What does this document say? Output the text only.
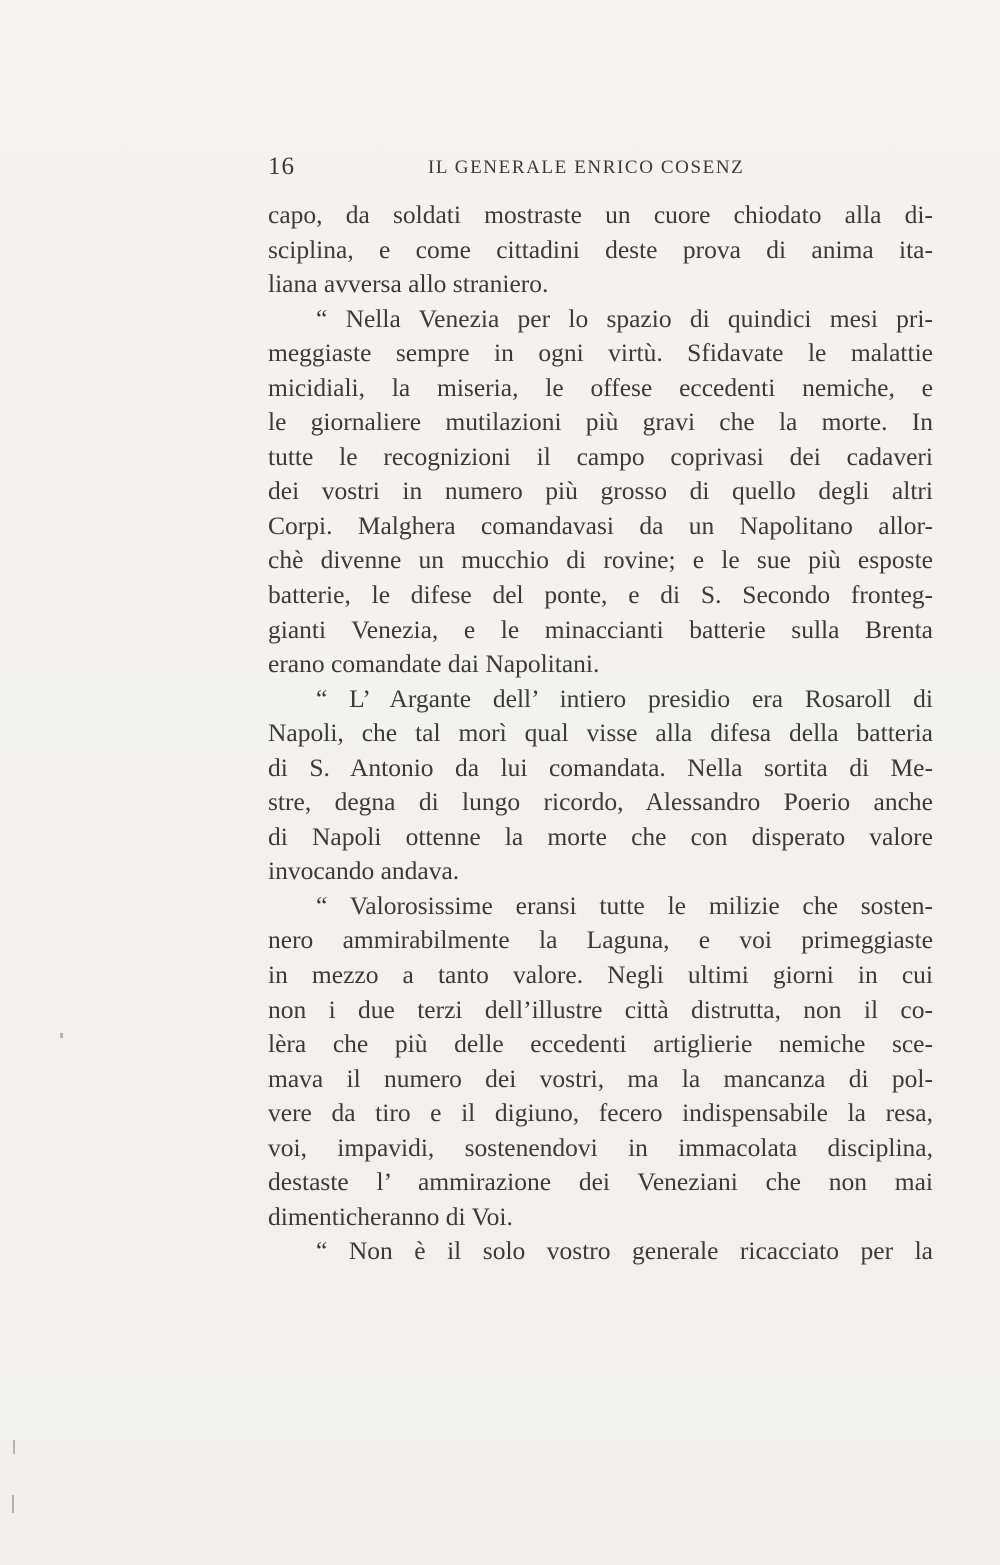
16	IL GENERALE ENRICO COSENZ
capo, da soldati mostraste un cuore chiodato alla di-
sciplina, e come cittadini deste prova di anima ita-
liana avversa allo straniero.
“ Nella Venezia per lo spazio di quindici mesi pri-
meggiaste sempre in ogni virtù. Sfidavate le malattie
micidiali, la miseria, le offese eccedenti nemiche, e
le giornaliere mutilazioni più gravi che la morte. In
tutte le recognizioni il campo coprivasi dei cadaveri
dei vostri in numero più grosso di quello degli altri
Corpi. Malghera comandavasi da un Napolitano allor-
chè divenne un mucchio di rovine; e le sue più esposte
batterie, le difese del ponte, e di S. Secondo fronteg-
gianti Venezia, e le minaccianti batterie sulla Brenta
erano comandate dai Napolitani.
“ L’ Argante dell’ intiero presidio era Rosaroll di
Napoli, che tal morì qual visse alla difesa della batteria
di S. Antonio da lui comandata. Nella sortita di Me-
stre, degna di lungo ricordo, Alessandro Poerio anche
di Napoli ottenne la morte che con disperato valore
invocando andava.
“ Valorosissime eransi tutte le milizie che sosten-
nero ammirabilmente la Laguna, e voi primeggiaste
in mezzo a tanto valore. Negli ultimi giorni in cui
non i due terzi dell’illustre città distrutta, non il co-
lèra che più delle eccedenti artiglierie nemiche sce-
mava il numero dei vostri, ma la mancanza di pol-
vere da tiro e il digiuno, fecero indispensabile la resa,
voi, impavidi, sostenendovi in immacolata disciplina,
destaste l’ ammirazione dei Veneziani che non mai
dimenticheranno di Voi.
“ Non è il solo vostro generale ricacciato per la
